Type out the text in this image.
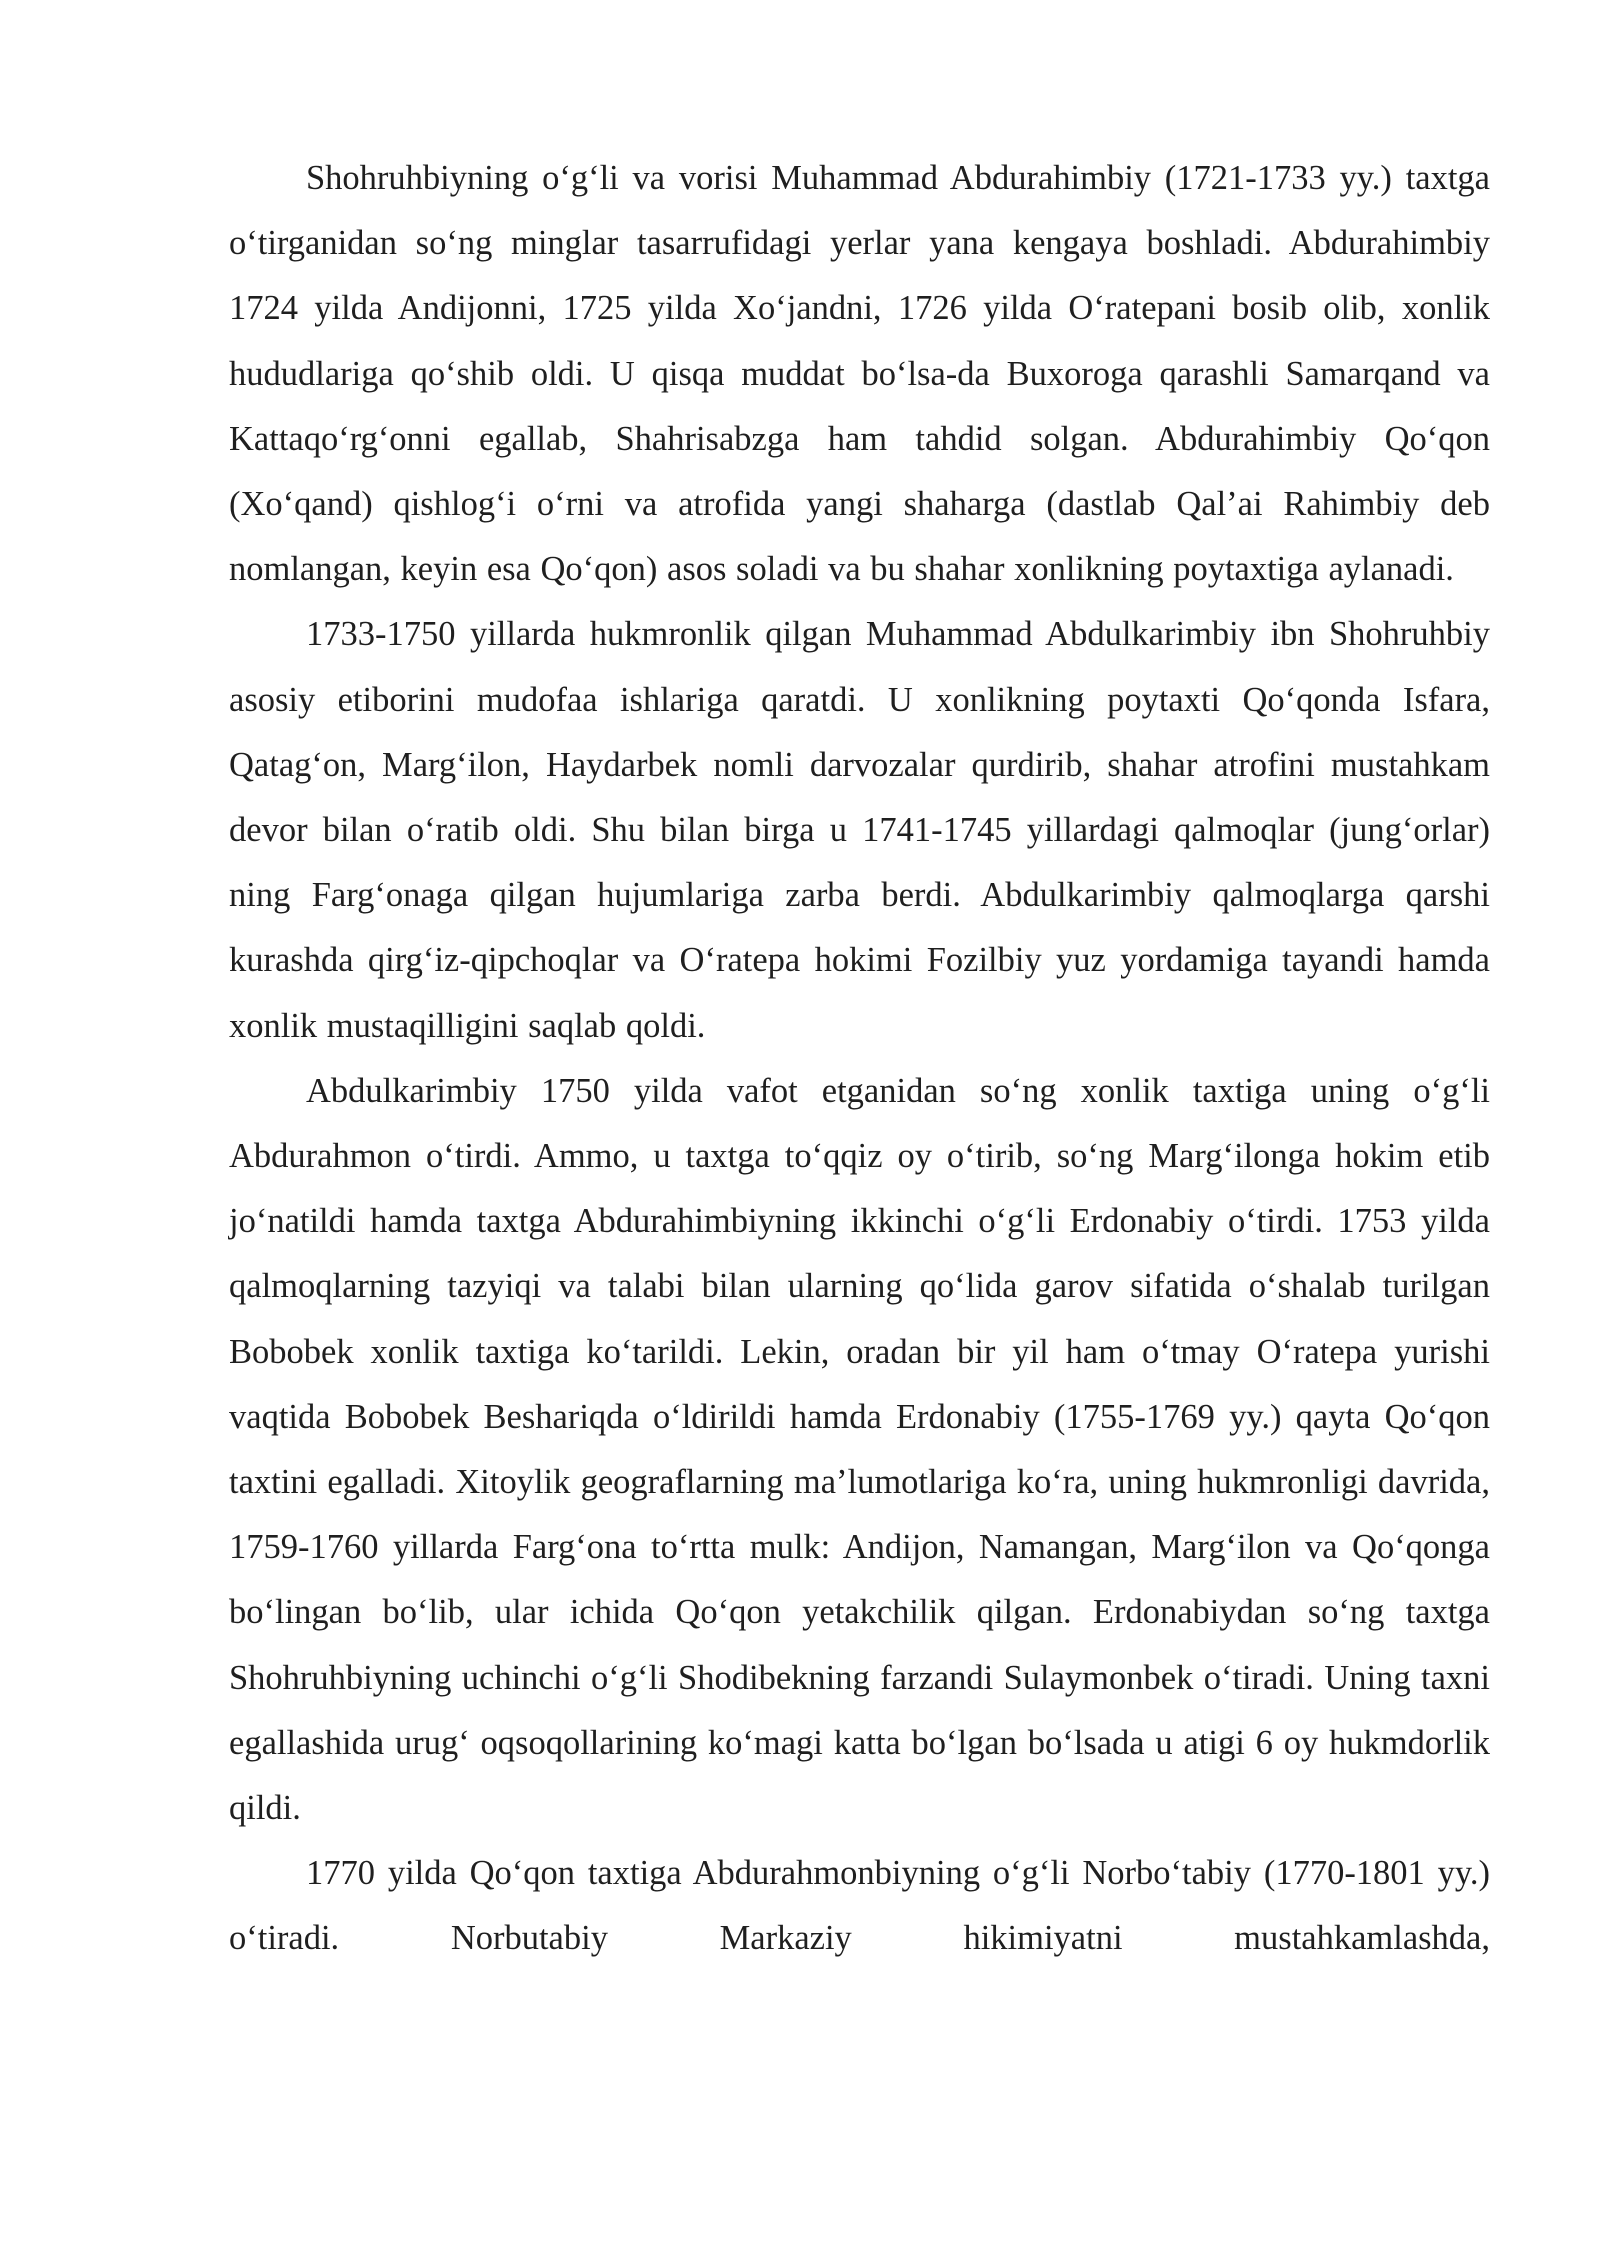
Shohruhbiyning o‘g‘li va vorisi Muhammad Abdurahimbiy (1721-1733 yy.) taxtga o‘tirganidan so‘ng minglar tasarrufidagi yerlar yana kengaya boshladi. Abdurahimbiy 1724 yilda Andijonni, 1725 yilda Xo‘jandni, 1726 yilda O‘ratepani bosib olib, xonlik hududlariga qo‘shib oldi. U qisqa muddat bo‘lsa-da Buxoroga qarashli Samarqand va Kattaqo‘rg‘onni egallab, Shahrisabzga ham tahdid solgan. Abdurahimbiy Qo‘qon (Xo‘qand) qishlog‘i o‘rni va atrofida yangi shaharga (dastlab Qal’ai Rahimbiy deb nomlangan, keyin esa Qo‘qon) asos soladi va bu shahar xonlikning poytaxtiga aylanadi.

1733-1750 yillarda hukmronlik qilgan Muhammad Abdulkarimbiy ibn Shohruhbiy asosiy etiborini mudofaa ishlariga qaratdi. U xonlikning poytaxti Qo‘qonda Isfara, Qatag‘on, Marg‘ilon, Haydarbek nomli darvozalar qurdirib, shahar atrofini mustahkam devor bilan o‘ratib oldi. Shu bilan birga u 1741-1745 yillardagi qalmoqlar (jung‘orlar) ning Farg‘onaga qilgan hujumlariga zarba berdi. Abdulkarimbiy qalmoqlarga qarshi kurashda qirg‘iz-qipchoqlar va O‘ratepa hokimi Fozilbiy yuz yordamiga tayandi hamda xonlik mustaqilligini saqlab qoldi.

Abdulkarimbiy 1750 yilda vafot etganidan so‘ng xonlik taxtiga uning o‘g‘li Abdurahmon o‘tirdi. Ammo, u taxtga to‘qqiz oy o‘tirib, so‘ng Marg‘ilonga hokim etib jo‘natildi hamda taxtga Abdurahimbiyning ikkinchi o‘g‘li Erdonabiy o‘tirdi. 1753 yilda qalmoqlarning tazyiqi va talabi bilan ularning qo‘lida garov sifatida o‘shalab turilgan Bobobek xonlik taxtiga ko‘tarildi. Lekin, oradan bir yil ham o‘tmay O‘ratepa yurishi vaqtida Bobobek Beshariqda o‘ldirildi hamda Erdonabiy (1755-1769 yy.) qayta Qo‘qon taxtini egalladi. Xitoylik geograflarning ma’lumotlariga ko‘ra, uning hukmronligi davrida, 1759-1760 yillarda Farg‘ona to‘rtta mulk: Andijon, Namangan, Marg‘ilon va Qo‘qonga bo‘lingan bo‘lib, ular ichida Qo‘qon yetakchilik qilgan. Erdonabiydan so‘ng taxtga Shohruhbiyning uchinchi o‘g‘li Shodibekning farzandi Sulaymonbek o‘tiradi. Uning taxni egallashida urug‘ oqsoqollarining ko‘magi katta bo‘lgan bo‘lsada u atigi 6 oy hukmdorlik qildi.

1770 yilda Qo‘qon taxtiga Abdurahmonbiyning o‘g‘li Norbo‘tabiy (1770-1801 yy.) o‘tiradi. Norbutabiy Markaziy hikimiyatni mustahkamlashda,
